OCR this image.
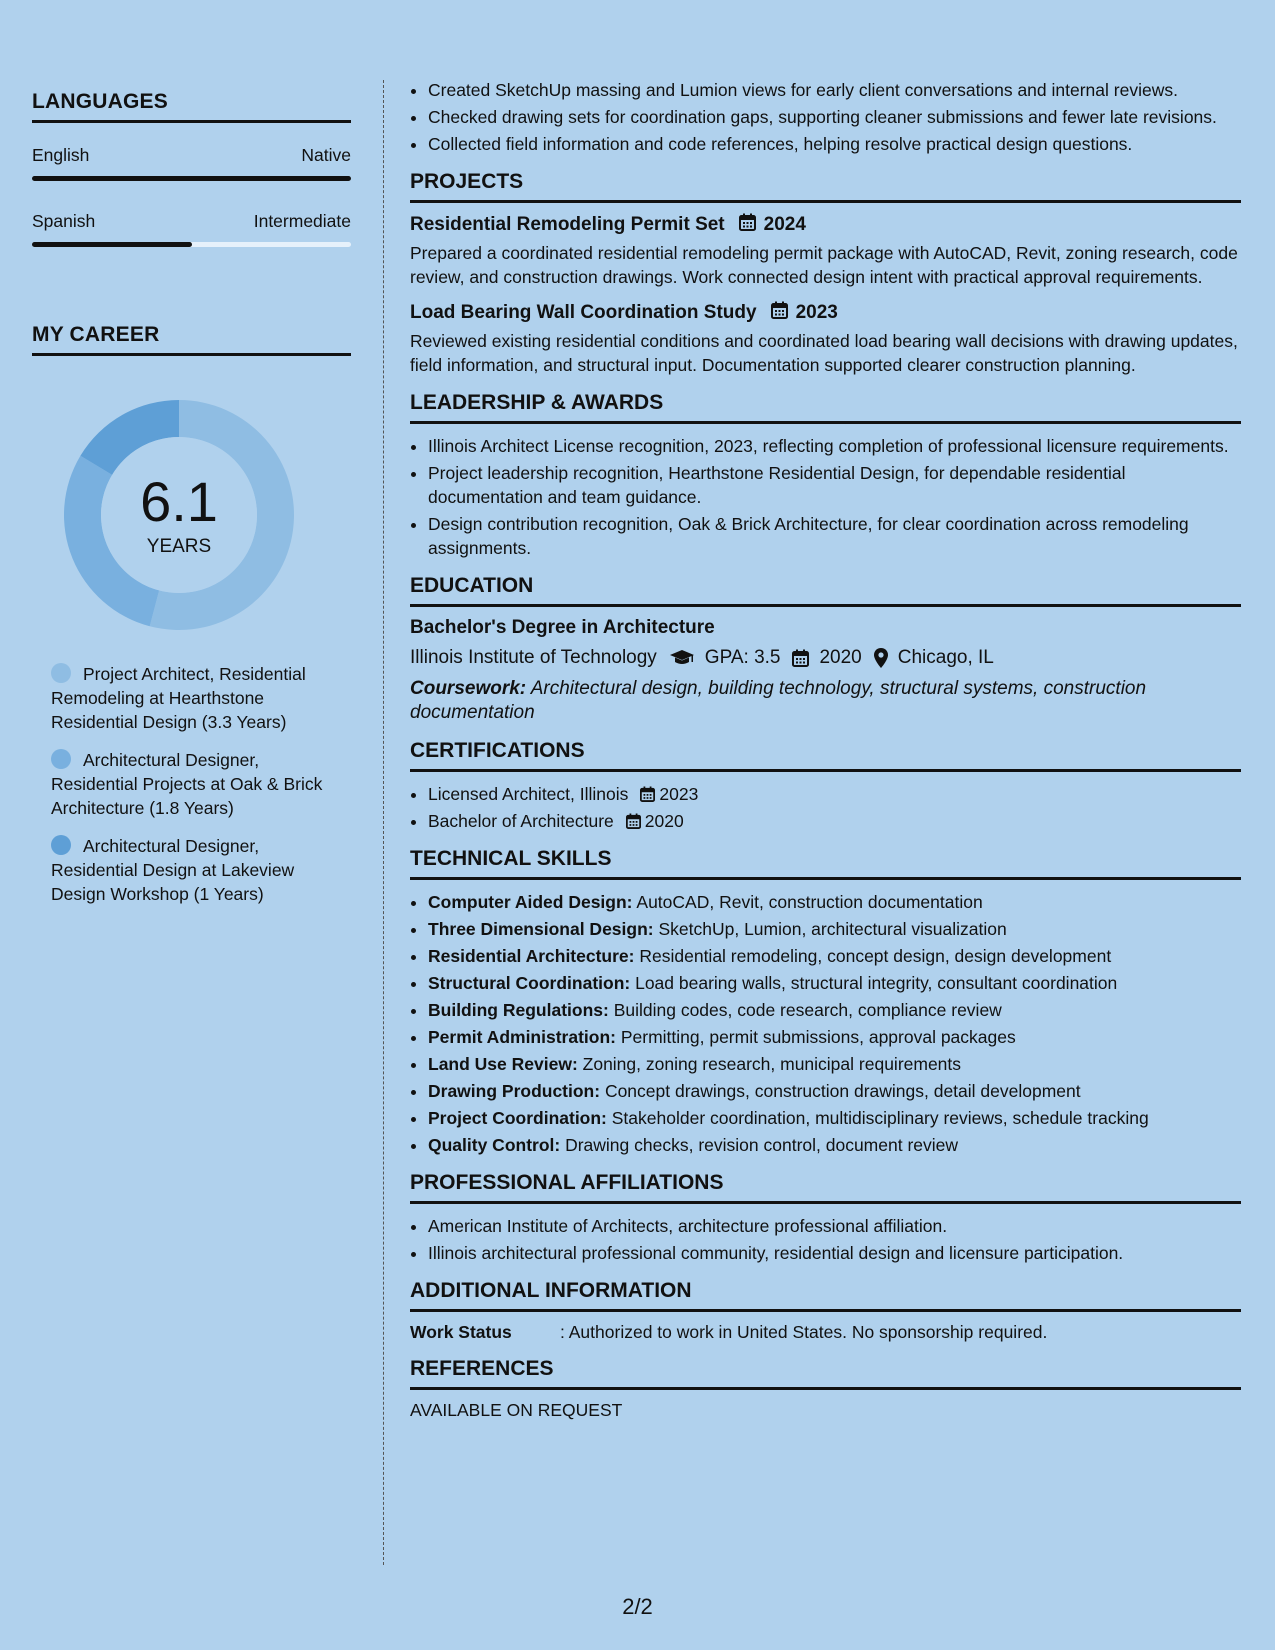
LANGUAGES
English	Native
Spanish	Intermediate
MY CAREER
6.1
YEARS
Project Architect, Residential Remodeling at Hearthstone Residential Design (3.3 Years)
Architectural Designer, Residential Projects at Oak & Brick Architecture (1.8 Years)
Architectural Designer, Residential Design at Lakeview Design Workshop (1 Years)
• Created SketchUp massing and Lumion views for early client conversations and internal reviews.
• Checked drawing sets for coordination gaps, supporting cleaner submissions and fewer late revisions.
• Collected field information and code references, helping resolve practical design questions.
PROJECTS
Residential Remodeling Permit Set 2024

Prepared a coordinated residential remodeling permit package with AutoCAD, Revit, zoning research, code review, and construction drawings. Work connected design intent with practical approval requirements.

Load Bearing Wall Coordination Study 2023

Reviewed existing residential conditions and coordinated load bearing wall decisions with drawing updates, field information, and structural input. Documentation supported clearer construction planning.

LEADERSHIP & AWARDS
• Illinois Architect License recognition, 2023, reflecting completion of professional licensure requirements.
• Project leadership recognition, Hearthstone Residential Design, for dependable residential documentation and team guidance.
• Design contribution recognition, Oak & Brick Architecture, for clear coordination across remodeling assignments.
EDUCATION
Bachelor's Degree in Architecture
Illinois Institute of Technology	GPA: 3.5 2020 Chicago, IL

Coursework: Architectural design, building technology, structural systems, construction documentation

CERTIFICATIONS
• Licensed Architect, Illinois 2023
• Bachelor of Architecture 2020
TECHNICAL SKILLS
• Computer Aided Design: AutoCAD, Revit, construction documentation
• Three Dimensional Design: SketchUp, Lumion, architectural visualization
• Residential Architecture: Residential remodeling, concept design, design development
• Structural Coordination: Load bearing walls, structural integrity, consultant coordination
• Building Regulations: Building codes, code research, compliance review
• Permit Administration: Permitting, permit submissions, approval packages
• Land Use Review: Zoning, zoning research, municipal requirements
• Drawing Production: Concept drawings, construction drawings, detail development
• Project Coordination: Stakeholder coordination, multidisciplinary reviews, schedule tracking
• Quality Control: Drawing checks, revision control, document review
PROFESSIONAL AFFILIATIONS
• American Institute of Architects, architecture professional affiliation.
• Illinois architectural professional community, residential design and licensure participation.
ADDITIONAL INFORMATION
Work Status	: Authorized to work in United States. No sponsorship required.
REFERENCES
AVAILABLE ON REQUEST
2/2
